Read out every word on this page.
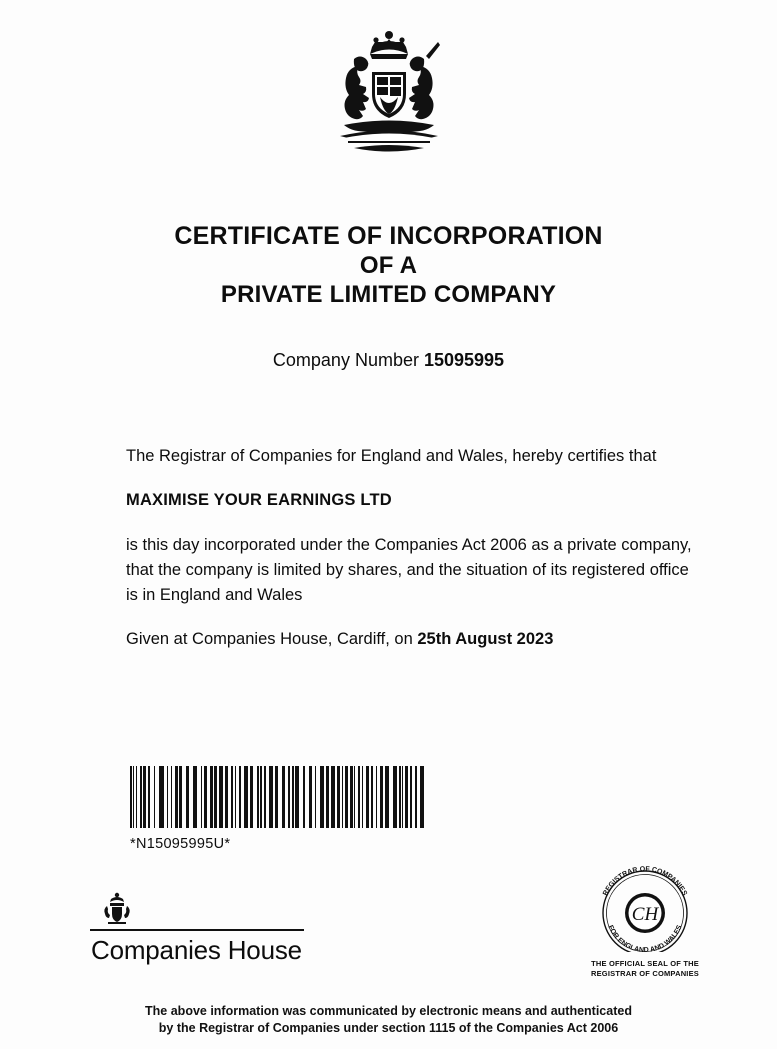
CERTIFICATE OF INCORPORATION
OF A
PRIVATE LIMITED COMPANY
Company Number 15095995

The Registrar of Companies for England and Wales, hereby certifies that

MAXIMISE YOUR EARNINGS LTD

is this day incorporated under the Companies Act 2006 as a private company, that the company is limited by shares, and the situation of its registered office is in England and Wales

Given at Companies House, Cardiff, on 25th August 2023

*N15095995U*
Companies House
CH
REGISTRAR OF COMPANIES
FOR ENGLAND AND WALES
THE OFFICIAL SEAL OF THE
REGISTRAR OF COMPANIES
The above information was communicated by electronic means and authenticated
by the Registrar of Companies under section 1115 of the Companies Act 2006
